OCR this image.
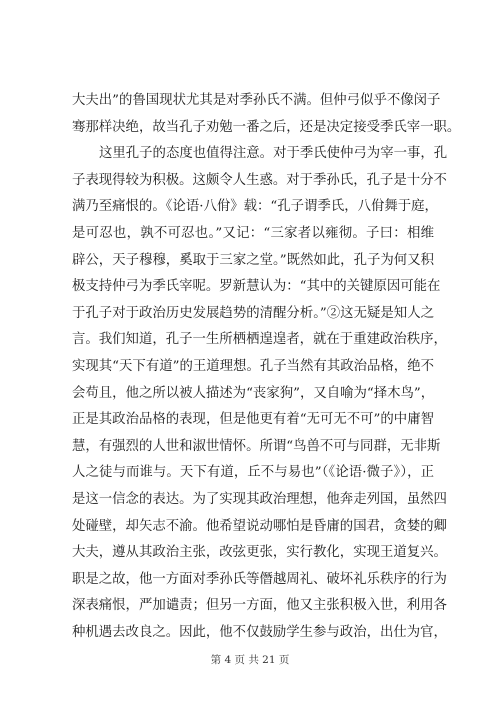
大夫出”的鲁国现状尤其是对季孙氏不满。但仲弓似乎不像闵子
骞那样决绝，故当孔子劝勉一番之后，还是决定接受季氏宰一职。
这里孔子的态度也值得注意。对于季氏使仲弓为宰一事，孔
子表现得较为积极。这颇令人生惑。对于季孙氏，孔子是十分不
满乃至痛恨的。《论语·八佾》载：“孔子谓季氏，八佾舞于庭，
是可忍也，孰不可忍也。”又记：“三家者以雍彻。子曰：相维
辟公，天子穆穆，奚取于三家之堂。”既然如此，孔子为何又积
极支持仲弓为季氏宰呢。罗新慧认为：“其中的关键原因可能在
于孔子对于政治历史发展趋势的清醒分析。”②这无疑是知人之
言。我们知道，孔子一生所栖栖遑遑者，就在于重建政治秩序，
实现其“天下有道”的王道理想。孔子当然有其政治品格，绝不
会苟且，他之所以被人描述为“丧家狗”，又自喻为“择木鸟”，
正是其政治品格的表现，但是他更有着“无可无不可”的中庸智
慧，有强烈的人世和淑世情怀。所谓“鸟兽不可与同群，无非斯
人之徒与而谁与。天下有道，丘不与易也”（《论语·微子》），正
是这一信念的表达。为了实现其政治理想，他奔走列国，虽然四
处碰壁，却矢志不渝。他希望说动哪怕是昏庸的国君，贪婪的卿
大夫，遵从其政治主张，改弦更张，实行教化，实现王道复兴。
职是之故，他一方面对季孙氏等僭越周礼、破坏礼乐秩序的行为
深表痛恨，严加谴责；但另一方面，他又主张积极入世，利用各
种机遇去改良之。因此，他不仅鼓励学生参与政治，出仕为官，
第 4 页 共 21 页
